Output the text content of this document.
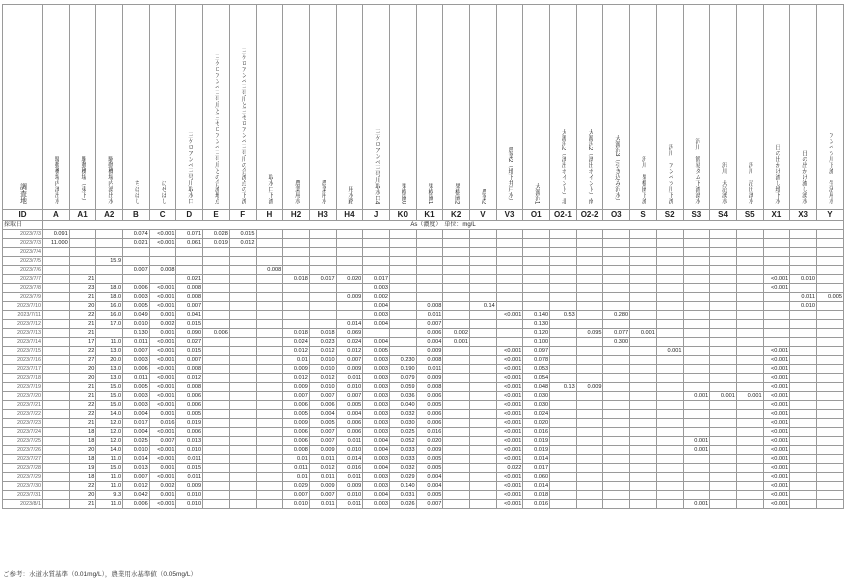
調査地	駆動機場内湧出水	駆動機場（東下）	駆動機場内湧出水	ちほばし	にせばし	三ケロアンベ三号川取水口	三ケロアンベ三号川と三セロアンベ三号川との合流地点	三ケロアンベ三号川と三セロアンベ三号川の合流点の下流	取水口下流	農業用水	農業用水	用水路	三ケロアンベ三号川取水口4	果樹園0	果樹園1	果樹園2	農業2	農業2（地下井戸水）	大源沢1	大源沢2（湧出ポイント）北	大源沢2（湧出ポイント）南	大源沢3（引き込み沢水）	沢川　果樹園下流	沢川　アンベツ川下流	沢川　簡易ダム下流湧水	沢川　大沼湧水	沢川　沼田湧水	日の出かけ流し地下水	日の出かけ流し湧水	アンベツ川下流　生活用水
ID	A	A1	A2	B	C	D	E	F	H	H2	H3	H4	J	K0	K1	K2	V	V3	O1	O2-1	O2-2	O3	S	S2	S3	S4	S5	X1	X3	Y
採取日	As（濃度）　単位：mg/L																													
2023/7/3	0.091			0.074	<0.001	0.071	0.028	0.015																						
2023/7/3	11.000			0.021	<0.001	0.061	0.019	0.012																						
2023/7/4																														
2023/7/5			15.9																											
2023/7/6				0.007	0.008				0.008																					
2023/7/7		21				0.021				0.018	0.017	0.020	0.017															<0.001	0.010	
2023/7/8		23	18.0	0.006	<0.001	0.008							0.003															<0.001		
2023/7/9		21	18.0	0.003	<0.001	0.008						0.009	0.002																0.011	0.005
2023/7/10		20	16.0	0.005	<0.001	0.007							0.004		0.008		0.14												0.010	
2023/7/11		22	16.0	0.049	0.001	0.041							0.003		0.011			<0.001	0.140	0.53		0.280								
2023/7/12		21	17.0	0.010	0.002	0.015						0.014	0.004		0.007				0.130											
2023/7/13		21		0.130	0.001	0.090	0.006			0.018	0.018	0.069			0.006	0.002			0.120		0.095	0.077	0.001							
2023/7/14		17	11.0	0.011	<0.001	0.027				0.024	0.023	0.024	0.004		0.004	0.001			0.100			0.300								
2023/7/15		22	13.0	0.007	<0.001	0.015				0.012	0.012	0.012	0.005		0.009			<0.001	0.097					0.001				<0.001		
2023/7/16		27	20.0	0.003	<0.001	0.007				0.01	0.010	0.007	0.003	0.230	0.008			<0.001	0.078									<0.001		
2023/7/17		20	13.0	0.006	<0.001	0.008				0.009	0.010	0.009	0.003	0.190	0.011			<0.001	0.053									<0.001		
2023/7/18		20	13.0	0.011	<0.001	0.012				0.012	0.012	0.011	0.003	0.079	0.009			<0.001	0.054									<0.001		
2023/7/19		21	15.0	0.005	<0.001	0.008				0.009	0.010	0.010	0.003	0.059	0.008			<0.001	0.048	0.13	0.009							<0.001		
2023/7/20		21	15.0	0.003	<0.001	0.006				0.007	0.007	0.007	0.003	0.036	0.006			<0.001	0.030						0.001	0.001	0.001	<0.001		
2023/7/21		22	15.0	0.003	<0.001	0.006				0.006	0.006	0.005	0.003	0.040	0.005			<0.001	0.030									<0.001		
2023/7/22		22	14.0	0.004	0.001	0.005				0.005	0.004	0.004	0.003	0.032	0.006			<0.001	0.024									<0.001		
2023/7/23		21	12.0	0.017	0.016	0.019				0.009	0.005	0.006	0.003	0.030	0.006			<0.001	0.020									<0.001		
2023/7/24		18	12.0	0.004	<0.001	0.006				0.006	0.007	0.006	0.003	0.025	0.016			<0.001	0.016									<0.001		
2023/7/25		18	12.0	0.025	0.007	0.013				0.006	0.007	0.011	0.004	0.052	0.020			<0.001	0.019						0.001			<0.001		
2023/7/26		20	14.0	0.010	<0.001	0.010				0.008	0.009	0.010	0.004	0.033	0.009			<0.001	0.019						0.001			<0.001		
2023/7/27		18	11.0	0.014	<0.001	0.011				0.01	0.011	0.014	0.003	0.033	0.005			<0.001	0.014									<0.001		
2023/7/28		19	15.0	0.013	0.001	0.015				0.011	0.012	0.016	0.004	0.032	0.005			0.022	0.017									<0.001		
2023/7/29		18	11.0	0.007	<0.001	0.011				0.01	0.011	0.011	0.003	0.029	0.004			<0.001	0.060									<0.001		
2023/7/30		22	11.0	0.012	0.002	0.009				0.029	0.009	0.009	0.003	0.140	0.004			<0.001	0.014									<0.001		
2023/7/31		20	9.3	0.042	0.001	0.010				0.007	0.007	0.010	0.004	0.031	0.005			<0.001	0.018									<0.001		
2023/8/1		21	11.0	0.006	<0.001	0.010				0.010	0.011	0.011	0.003	0.026	0.007			<0.001	0.016						0.001			<0.001		
ご参考：水道水質基準（0.01mg/L），農業用水基準値（0.05mg/L）
